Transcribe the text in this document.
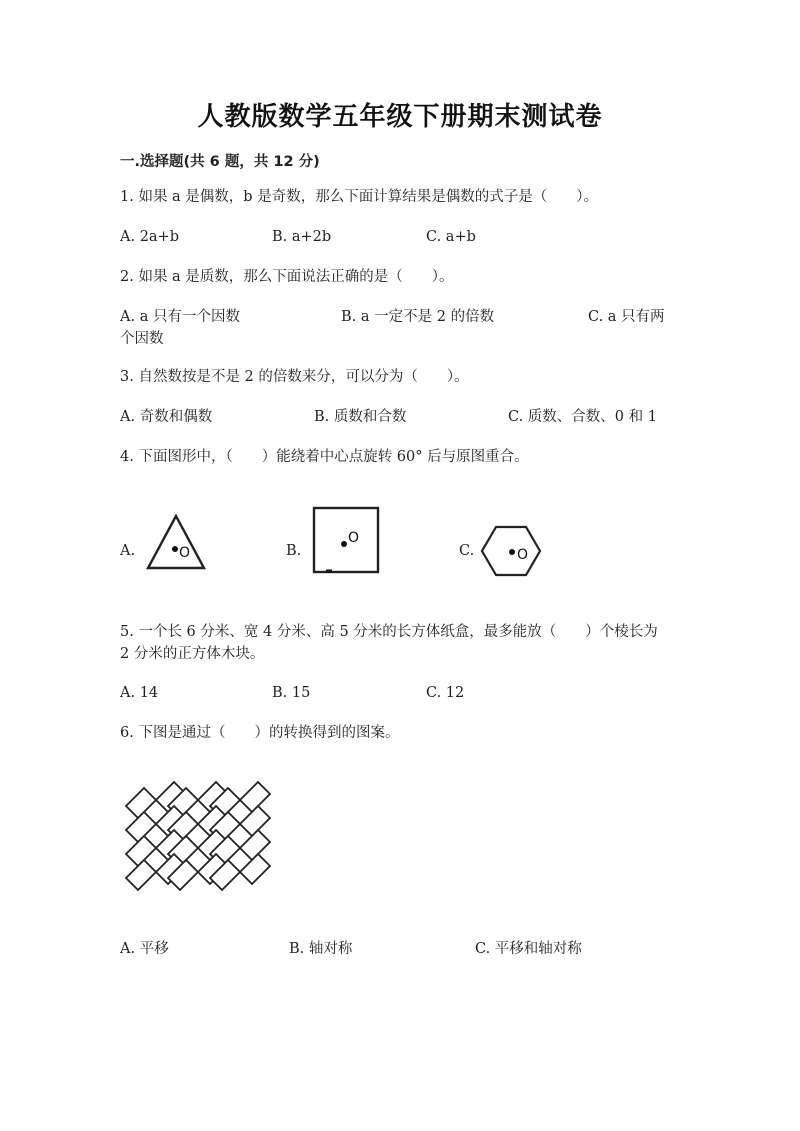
人教版数学五年级下册期末测试卷
一.选择题(共 6 题，共 12 分)
1. 如果 a 是偶数，b 是奇数，那么下面计算结果是偶数的式子是（　　）。
A. 2a+b	B. a+2b	C. a+b
2. 如果 a 是质数，那么下面说法正确的是（　　）。
A. a 只有一个因数	B. a 一定不是 2 的倍数	C. a 只有两
个因数
3. 自然数按是不是 2 的倍数来分，可以分为（　　）。
A. 奇数和偶数	B. 质数和合数	C. 质数、合数、0 和 1
4. 下面图形中，（　　）能绕着中心点旋转 60° 后与原图重合。
A.	O	B.
O
C.	O
5. 一个长 6 分米、宽 4 分米、高 5 分米的长方体纸盒，最多能放（　　）个棱长为 2 分米的正方体木块。
A. 14	B. 15	C. 12
6. 下图是通过（　　）的转换得到的图案。
A. 平移	B. 轴对称	C. 平移和轴对称
